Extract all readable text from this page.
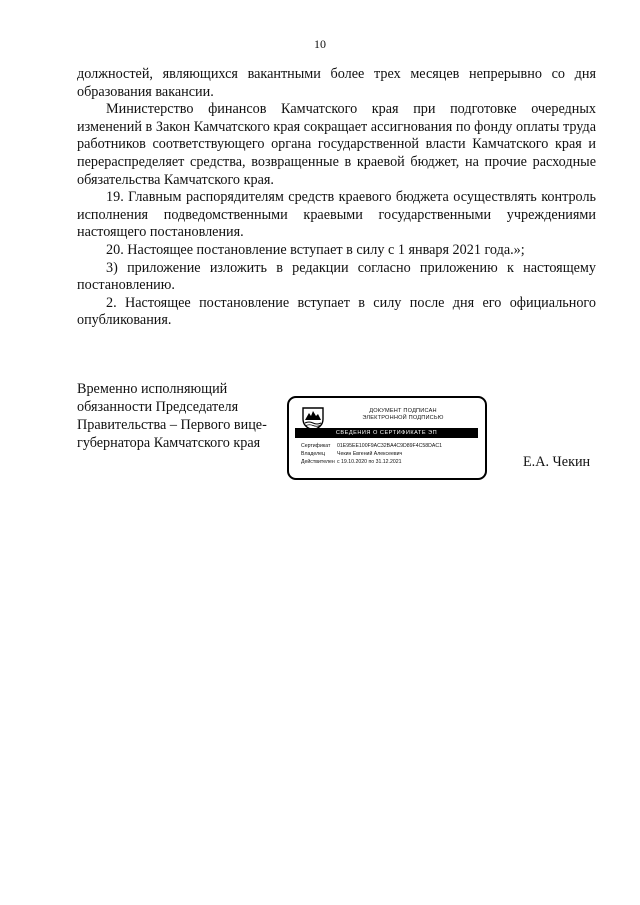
10

должностей, являющихся вакантными более трех месяцев непрерывно со дня образования вакансии.

Министерство финансов Камчатского края при подготовке очередных изменений в Закон Камчатского края сокращает ассигнования по фонду оплаты труда работников соответствующего органа государственной власти Камчатского края и перераспределяет средства, возвращенные в краевой бюджет, на прочие расходные обязательства Камчатского края.

19. Главным распорядителям средств краевого бюджета осуществлять контроль исполнения подведомственными краевыми государственными учреждениями настоящего постановления.

20. Настоящее постановление вступает в силу с 1 января 2021 года.»;

3) приложение изложить в редакции согласно приложению к настоящему постановлению.

2. Настоящее постановление вступает в силу после дня его официального опубликования.

Временно исполняющий
обязанности Председателя
Правительства – Первого вице-
губернатора Камчатского края
ДОКУМЕНТ ПОДПИСАН
ЭЛЕКТРОННОЙ ПОДПИСЬЮ
СВЕДЕНИЯ О СЕРТИФИКАТЕ ЭП
Сертификат	01E95EE100F9AC32BA4C9D89F4C58DAC1
Владелец	Чекин Евгений Алексеевич
Действителен с 19.10.2020 по 31.12.2021	Е.А. Чекин
